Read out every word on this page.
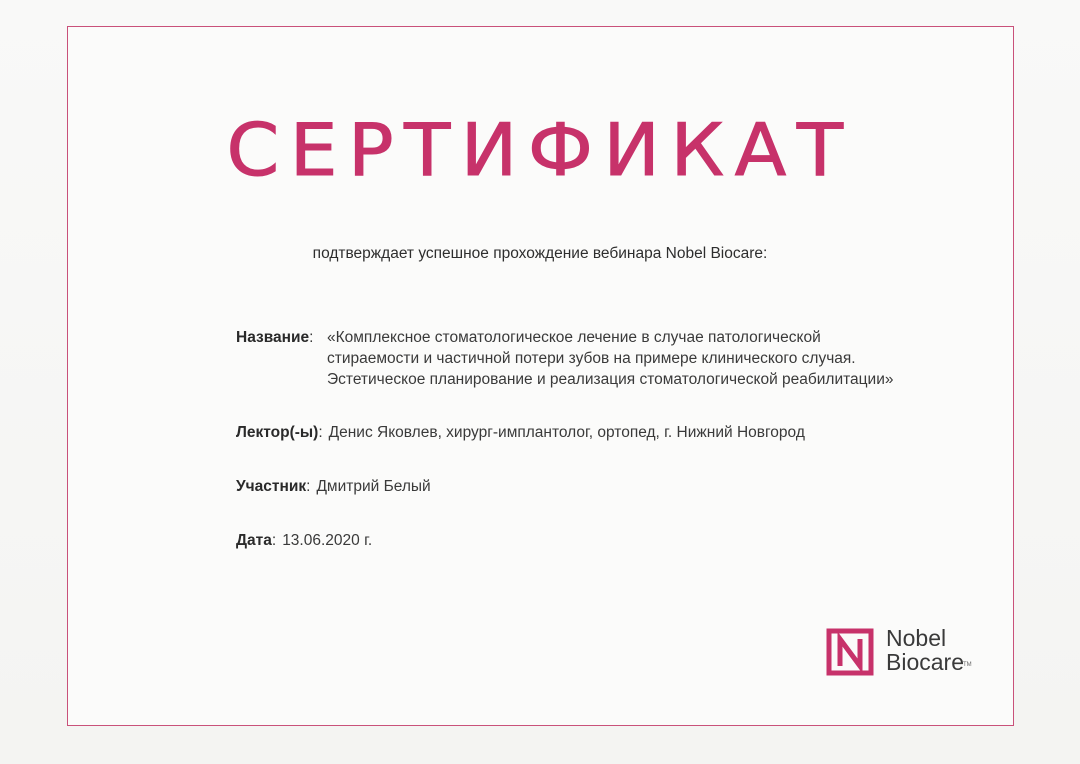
СЕРТИФИКАТ
подтверждает успешное прохождение вебинара Nobel Biocare:
Название: «Комплексное стоматологическое лечение в случае патологической
стираемости и частичной потери зубов на примере клинического случая.
Эстетическое планирование и реализация стоматологической реабилитации»
Лектор(-ы): Денис Яковлев, хирург-имплантолог, ортопед, г. Нижний Новгород
Участник: Дмитрий Белый
Дата: 13.06.2020 г.
Nobel
Biocare TM
